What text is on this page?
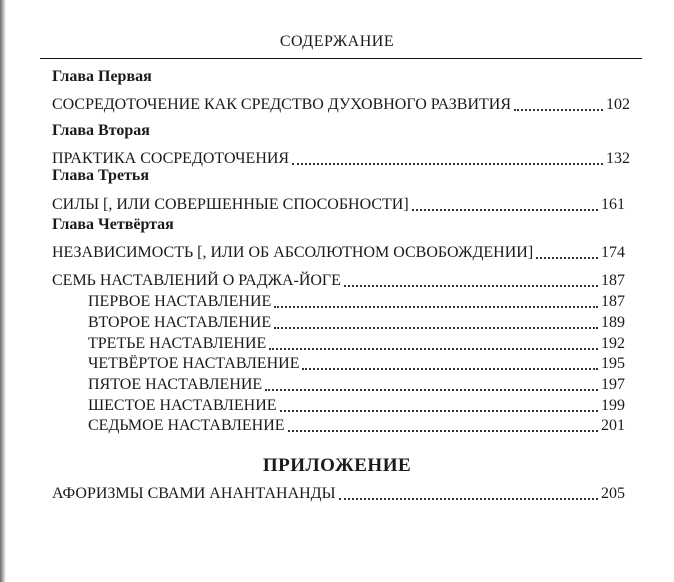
СОДЕРЖАНИЕ
Глава Первая
СОСРЕДОТОЧЕНИЕ КАК СРЕДСТВО ДУХОВНОГО РАЗВИТИЯ	102
Глава Вторая
ПРАКТИКА СОСРЕДОТОЧЕНИЯ	132
Глава Третья
СИЛЫ [, ИЛИ СОВЕРШЕННЫЕ СПОСОБНОСТИ]	161
Глава Четвёртая
НЕЗАВИСИМОСТЬ [, ИЛИ ОБ АБСОЛЮТНОМ ОСВОБОЖДЕНИИ]	174
СЕМЬ НАСТАВЛЕНИЙ О РАДЖА-ЙОГЕ	187
ПЕРВОЕ НАСТАВЛЕНИЕ	187
ВТОРОЕ НАСТАВЛЕНИЕ	189
ТРЕТЬЕ НАСТАВЛЕНИЕ	192
ЧЕТВЁРТОЕ НАСТАВЛЕНИЕ	195
ПЯТОЕ НАСТАВЛЕНИЕ	197
ШЕСТОЕ НАСТАВЛЕНИЕ	199
СЕДЬМОЕ НАСТАВЛЕНИЕ	201
ПРИЛОЖЕНИЕ
АФОРИЗМЫ СВАМИ АНАНТАНАНДЫ	205
